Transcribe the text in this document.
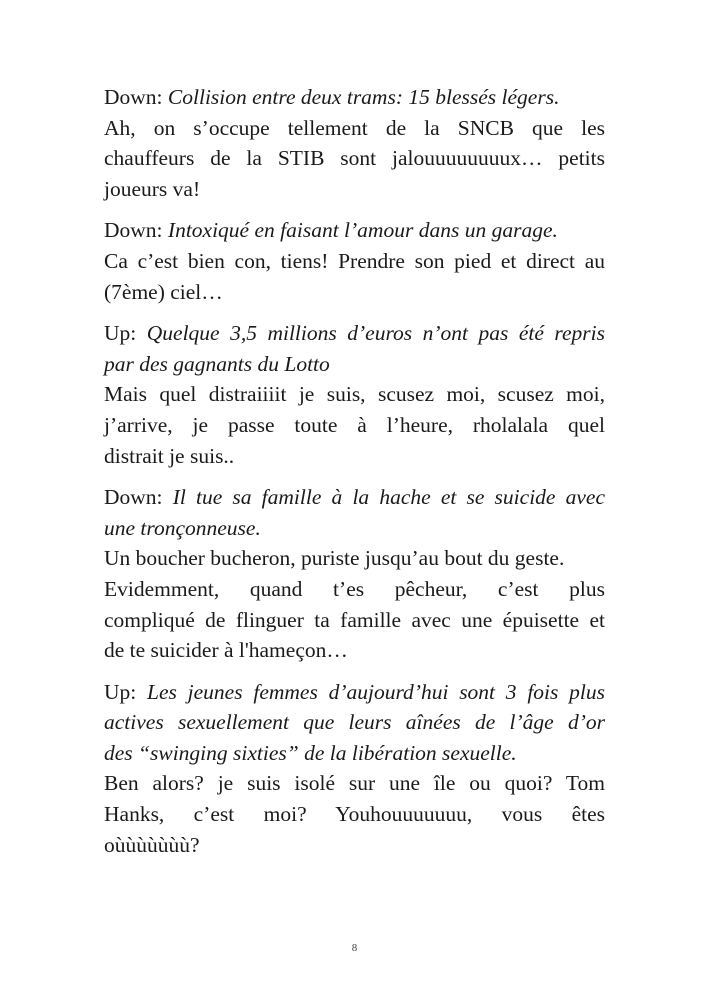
Down: Collision entre deux trams: 15 blessés légers.
Ah, on s’occupe tellement de la SNCB que les
chauffeurs de la STIB sont jalouuuuuuuux… petits
joueurs va!
Down: Intoxiqué en faisant l’amour dans un garage.
Ca c’est bien con, tiens! Prendre son pied et direct au
(7ème) ciel…
Up: Quelque 3,5 millions d’euros n’ont pas été repris
par des gagnants du Lotto
Mais quel distraiiiit je suis, scusez moi, scusez moi,
j’arrive, je passe toute à l’heure, rholalala quel
distrait je suis..
Down: Il tue sa famille à la hache et se suicide avec
une tronçonneuse.
Un boucher bucheron, puriste jusqu’au bout du geste.
Evidemment, quand t’es pêcheur, c’est plus
compliqué de flinguer ta famille avec une épuisette et
de te suicider à l'hameçon…
Up: Les jeunes femmes d’aujourd’hui sont 3 fois plus
actives sexuellement que leurs aînées de l’âge d’or
des “swinging sixties” de la libération sexuelle.
Ben alors? je suis isolé sur une île ou quoi? Tom
Hanks, c’est moi? Youhouuuuuuu, vous êtes
oùùùùùùù?
8
